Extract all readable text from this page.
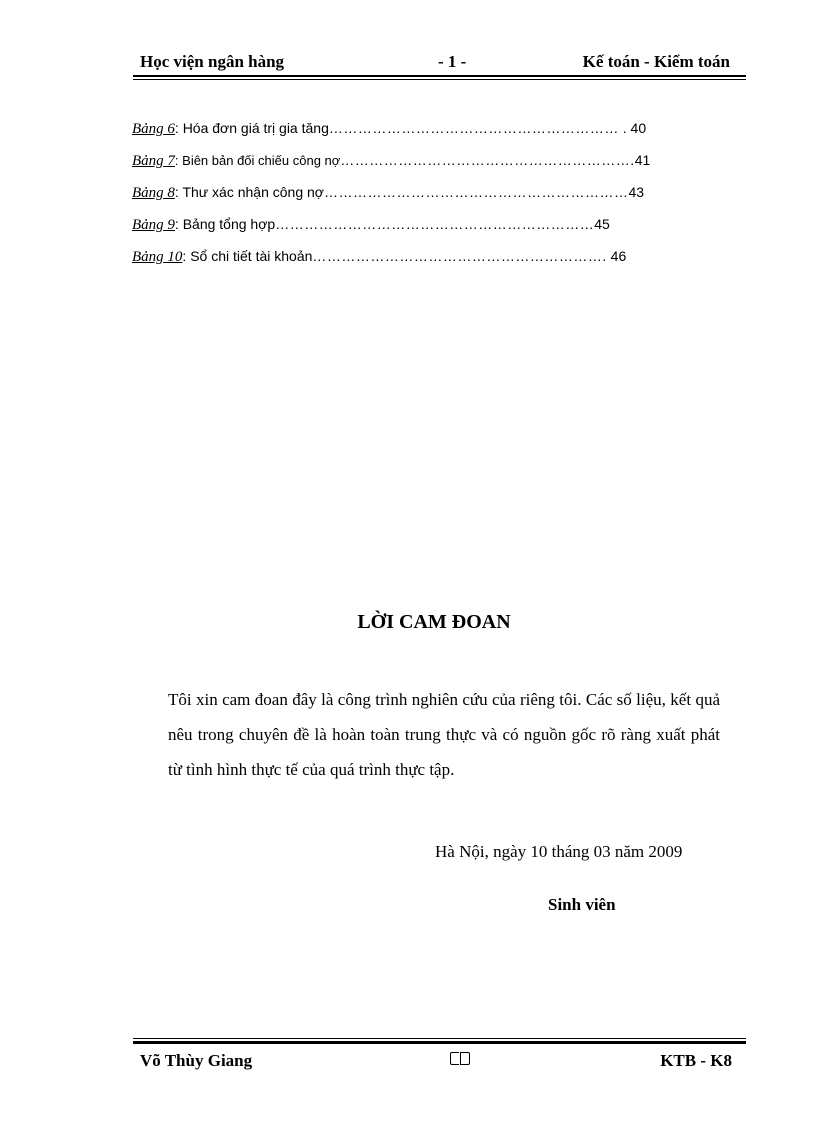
Học viện ngân hàng	- 1 -	Kế toán - Kiểm toán
Bảng 6: Hóa đơn giá trị gia tăng…………………………………………………… . 40
Bảng 7: Biên bản đối chiếu công nợ…………………………………………………….41
Bảng 8: Thư xác nhận công nợ………………………………………………………43
Bảng 9: Bảng tổng hợp…………………………………………………………45
Bảng 10: Sổ chi tiết tài khoản……………………………………………………. 46
LỜI CAM ĐOAN
Tôi xin cam đoan đây là công trình nghiên cứu của riêng tôi. Các số liệu, kết quả nêu trong chuyên đề là hoàn toàn trung thực và có nguồn gốc rõ ràng xuất phát từ tình hình thực tế của quá trình thực tập.
Hà Nội, ngày 10 tháng 03 năm 2009
Sinh viên
Võ Thùy Giang	KTB - K8
